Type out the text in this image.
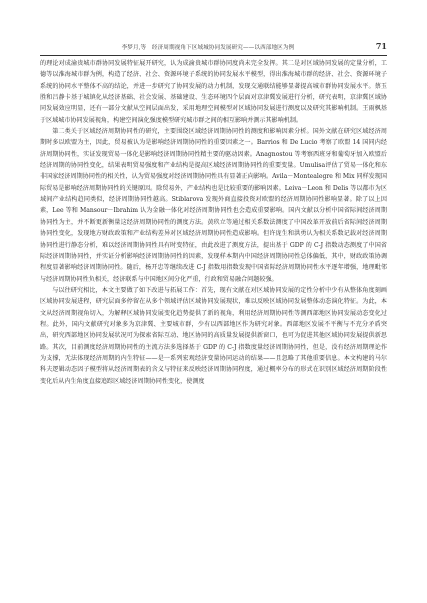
李梦月,等 经济周期视角下区域城协同发展研究——以西部地区为例	71

的理论对成渝贵城市群协同发展特征展开研究，认为成渝贵城市群协同度尚未完全发挥。其二是对区域协同发展的定量分析，工德等以淮海城市群为例，构造了经济、社会、资源环境子系统的协同发展水平模型，得出淮海城市群的经济、社会、资源环境子系统的协同水平整体不高的结论，并进一步研究了协同发展的动力机制，发现交通联结能够显著提高城市群协同发展水平。蔡玉胜和吕静卡基于城镇化从经济基础、社会发展、基础建设、生态环境四个层面对京津冀发展进行分析，研究表明，京津冀区域协同发展效应明显，还有一部分文献从空间层面出发，采用地理空间模型对区域协同发展进行测度以及研究其影响机制。王雨枫基于区域城市协同发展视角，构建空间演化强度模型研究城市群之间的相互影响并测示其影响机制。

第二类关于区域经济周期协同性的研究，主要围绕区域经济周期协同性的测度和影响因素分析。国外文献在研究区域经济周期时多以欧盟为主，因此，贸易被认为是影响经济周期协同性的重要因素之一。Barrios 和 De Lucio 考察了欧盟 14 国同内经济周期协同性，实证发现贸易一体化是影响经济周期协同性精主要的驱动因素。Anagnostou 等考察西班牙和葡萄牙加入欧盟后经济周期的协同性变化，结果表明贸易强度和产业结构是提高区域经济周期协同性的重要变量。Umulisa评估了贸易一体化和东非国家经济周期协同性的相关性，认为贸易强度对经济周期协同性具有显著正向影响。Avila－Montealegre 和 Mix 同样发现国际贸易是影响经济周期协同性的关键原因。除贸易外，产业结构也是比较重要的影响因素。Leiva－Leon 和 Delis 等以都市为区域间产业结构趋同类似，经济周期协同性越高。Stiblarova 发现外商直接投资对欧盟的经济周期协同性影响显著。除了以上因素，Lee 等和 Mansour－Ibrahim 认为金融一体化对经济周期协同性也会造成重要影响。国内文献以分析中国省际间经济周期协同性为主，并不断更新衡量这经济周期协同性的测度方法。黄玖立等通过相关系数法测度了中国改革开放前后省际间经济周期协同性变化，发现地方财政政策和产业结构差异对区域经济周期协同性造成影响。但许庞生和洪勇认为相关系数记载对经济周期协同性进行静态分析，难以经济周期协同性具有时变特征，由此改进了测度方法，提出基于 GDP 的 C-J 指数动态测度了中国省际经济周期协同性，并实证分析影响经济周期协同性的因素，发现样本期内中国经济周期协同性总体偏低，其中，财政政策协调程度显著影响经济周期协同性。随后，杨开忠等继续改进 C-J 指数用指数发现中国省际经济周期协同性水平逐年增强，地理毗邻与经济周期协同性负相关，经济联系与中国地区间分化严重，行政和贸易融合问题较强。

与以往研究相比，本文主要做了如下改进与拓展工作：首先，现有文献在对区域协同发展的定性分析中少有从整体角度刻画区域协同发展进程，研究层面多停留在从多个领域评估区域协同发展现状，难以反映区域协同发展整体动态演化特征。为此，本文从经济周期视角切入，为解释区域协同发展变化趋势提供了新的视角，利用经济周期协同性等测西部地区协同发展动态变化过程。此外，国内文献研究对象多为京津冀、主要城市群，少有以西部地区作为研究对象。西部地区发展不平衡与不充分矛盾突出，研究西部地区协同发展状况可为探索省际互动、地区协同的高质量发展提供新窗口，也可为促进其他区域协同发展提供新思路。其次，目前测度经济周期协同性的主流方法多选择基于 GDP 的 C-J 指数度量经济周期协同性，但是，没有经济周期理论作为支撑，无法体现经济周期的内生特征——是一系列宏观经济变量协同运动的结果——且忽略了其他重要信息。本文构建的马尔科夫逻辑动态因子模型将从经济周期表的含义与特征来反映经济周期协同程度，通过概率分布的形式在识别区域经济周期阶段性变化后从内生角度直接追踪区域经济周期协同性变化，使测度
